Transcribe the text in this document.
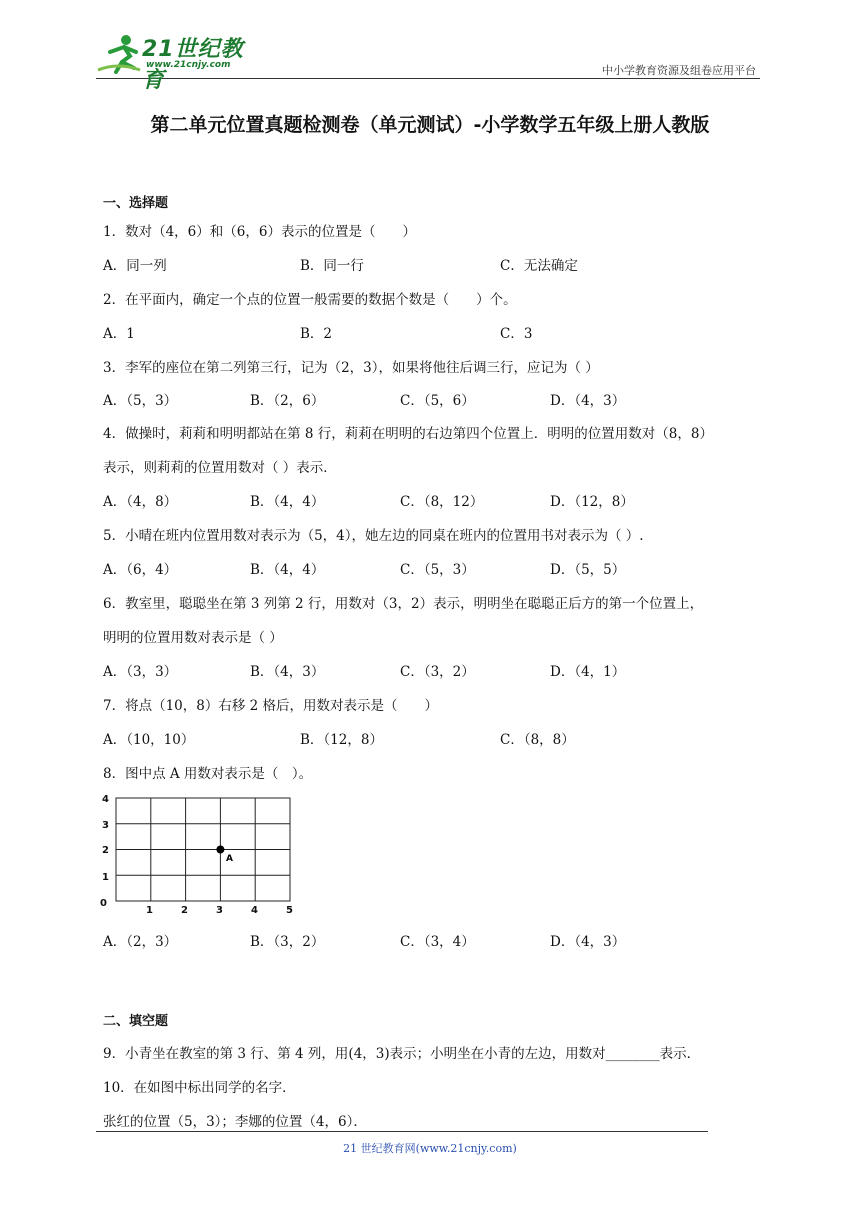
21世纪教育
www.21cnjy.com	中小学教育资源及组卷应用平台
第二单元位置真题检测卷（单元测试）-小学数学五年级上册人教版
一、选择题
1．数对（4，6）和（6，6）表示的位置是（　　）
A．同一列	B．同一行	C．无法确定
2．在平面内，确定一个点的位置一般需要的数据个数是（　　）个。
A．1	B．2	C．3
3．李军的座位在第二列第三行，记为（2，3），如果将他往后调三行，应记为（ ）
A．（5，3）	B．（2，6）	C．（5，6）	D．（4，3）
4．做操时，莉莉和明明都站在第 8 行，莉莉在明明的右边第四个位置上．明明的位置用数对（8，8）
表示，则莉莉的位置用数对（ ）表示．
A．（4，8）	B．（4，4）	C．（8，12）	D．（12，8）
5．小晴在班内位置用数对表示为（5，4），她左边的同桌在班内的位置用书对表示为（ ）.
A．（6，4）	B．（4，4）	C．（5，3）	D．（5，5）
6．教室里，聪聪坐在第 3 列第 2 行，用数对（3，2）表示，明明坐在聪聪正后方的第一个位置上，
明明的位置用数对表示是（ ）
A．（3，3）	B．（4，3）	C．（3，2）	D．（4，1）
7．将点（10，8）右移 2 格后，用数对表示是（　　）
A．（10，10）	B．（12，8）	C．（8，8）
8．图中点 A 用数对表示是（　）。
0
1
2
3
4
1	2	3	4	5
A
A．（2，3）	B．（3，2）	C．（3，4）	D．（4，3）
二、填空题
9．小青坐在教室的第 3 行、第 4 列，用(4，3)表示；小明坐在小青的左边，用数对________表示．
10．在如图中标出同学的名字．
张红的位置（5，3）；李娜的位置（4，6）．
21 世纪教育网(www.21cnjy.com)
